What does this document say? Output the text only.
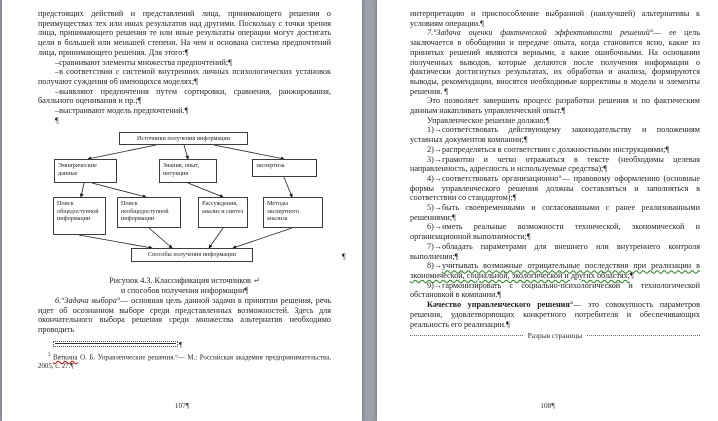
предстоящих действий и представлений лица, принимающего решения о преимуществах тех или иных результатов над другими. Поскольку с точки зрения лица, принимающего решения те или иные результаты операции могут достигать цели в большей или меньшей степени. На чем и основана система предпочтений лица, принимающего решения. Для этого:¶

–сравнивают элементы множества предпочтений;¶

–в соответствии с системой внутренних личных психологических установок получают суждения об имеющихся моделях;¶

–выявляют предпочтения путем сортировки, сравнения, ранжирования, балльного оценивания и пр.;¶

–выстраивают модель предпочтений.¶

¶

Источники получения информации
Эмпирические данные
Знания, опыт, интуиция
экспертиза
Поиск общедоступной информации
Поиск необщедоступной информации
Рассуждения, анализ и синтез
Методы экспертного анализа
Способы получения информации	¶
Рисунок 4.3. Классификация источников ↵
и способов получения информации¶

6.°Задача выбора°— основная цель данной задачи в принятии решения, речь идет об осознанном выборе среди представленных возможностей. Здесь для окончательного выбора решения среди множества альтернатив необходимо проводить

¶

$^3$ Вяткина О. Б. Управленческие решения.°— М.: Российская академия предпринимательства, 2005, с. 27.¶

107¶

интерпретацию и приспособление выбранной (наилучшей) альтернативы к условиям операции.¶

7.°Задача оценки фактической эффективности решений°— ее цель заключается в обобщении и передаче опыта, когда становится ясно, какие из принятых решений являются верными, а какие ошибочными. На основании полученных выводов, которые делаются после получения информации о фактически достигнутых результатах, их обработки и анализа, формируются выводы, рекомендации, вносятся необходимые коррективы в модели и элементы решения. ¶

Это позволяет завершить процесс разработки решения и по фактическим данным накапливать управленческий опыт.¶

Управленческое решение должно:¶

1)→соответствовать действующему законодательству и положениям уставных документов компании;¶

2)→распределяться в соответствии с должностными инструкциями;¶

3)→грамотно и четко отражаться в тексте (необходимы целевая направленность, адресность и используемые средства);¶

4)→соответствовать организационно°— правовому оформлению (основные формы управленческого решения должны составляться и заполняться в соответствии со стандартом);¶

5)→быть своевременными и согласованными с ранее реализованными решениями;¶

6)→иметь реальные возможности технической, экономической и организационной выполнимости;¶

7)→обладать параметрами для внешнего или внутреннего контроля выполнения;¶

8)→учитывать возможные отрицательные последствия при реализации в экономической, социальной, экологической и других областях;¶

9)→гармонизировать с социально-психологической и технологической обстановкой в компании.¶

Качество управленческого решения°— это совокупность параметров решения, удовлетворяющих конкретного потребителя и обеспечивающих реальность его реализации.¶

Разрыв страницы
108¶
